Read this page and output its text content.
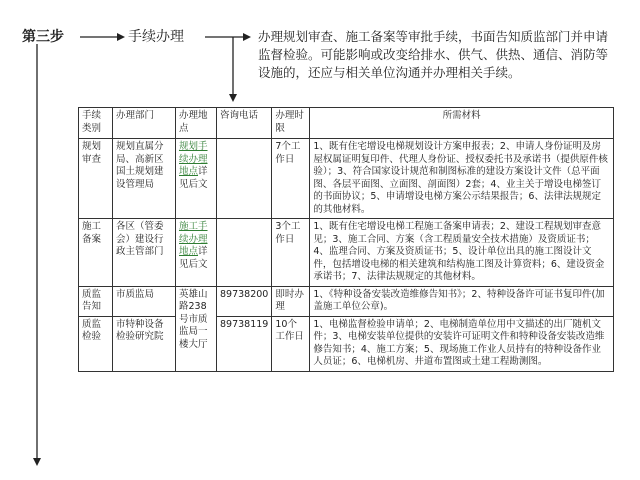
第三步	手续办理	办理规划审查、施工备案等审批手续，书面告知质监部门并申请监督检验。可能影响或改变给排水、供气、供热、通信、消防等设施的，还应与相关单位沟通并办理相关手续。
手续类别	办理部门	办理地点	咨询电话	办理时限	所需材料
规划审查	规划直属分局、高新区国土规划建设管理局	规划手续办理地点详见后文		7个工作日	1、既有住宅增设电梯规划设计方案申报表；2、申请人身份证明及房屋权属证明复印件、代理人身份证、授权委托书及承诺书（提供原件核验）；3、符合国家设计规范和制图标准的建设方案设计文件（总平面图、各层平面图、立面图、剖面图）2套；4、业主关于增设电梯签订的书面协议；5、申请增设电梯方案公示结果报告；6、法律法规规定的其他材料。
施工备案	各区（管委会）建设行政主管部门	施工手续办理地点详见后文		3个工作日	1、既有住宅增设电梯工程施工备案申请表；2、建设工程规划审查意见；3、施工合同、方案（含工程质量安全技术措施）及资质证书；4、监理合同、方案及资质证书；5、设计单位出具的施工图设计文件，包括增设电梯的相关建筑和结构施工图及计算资料；6、建设资金承诺书；7、法律法规规定的其他材料。
质监告知	市质监局	英雄山路238号市质监局一楼大厅	89738200	即时办理	1、《特种设备安装改造维修告知书》；2、特种设备许可证书复印件(加盖施工单位公章)。
质监检验	市特种设备检验研究院		89738119	10个工作日	1、电梯监督检验申请单；2、电梯制造单位用中文描述的出厂随机文件；3、电梯安装单位提供的安装许可证明文件和特种设备安装改造维修告知书；4、施工方案；5、现场施工作业人员持有的特种设备作业人员证；6、电梯机房、井道布置图或土建工程勘测图。
